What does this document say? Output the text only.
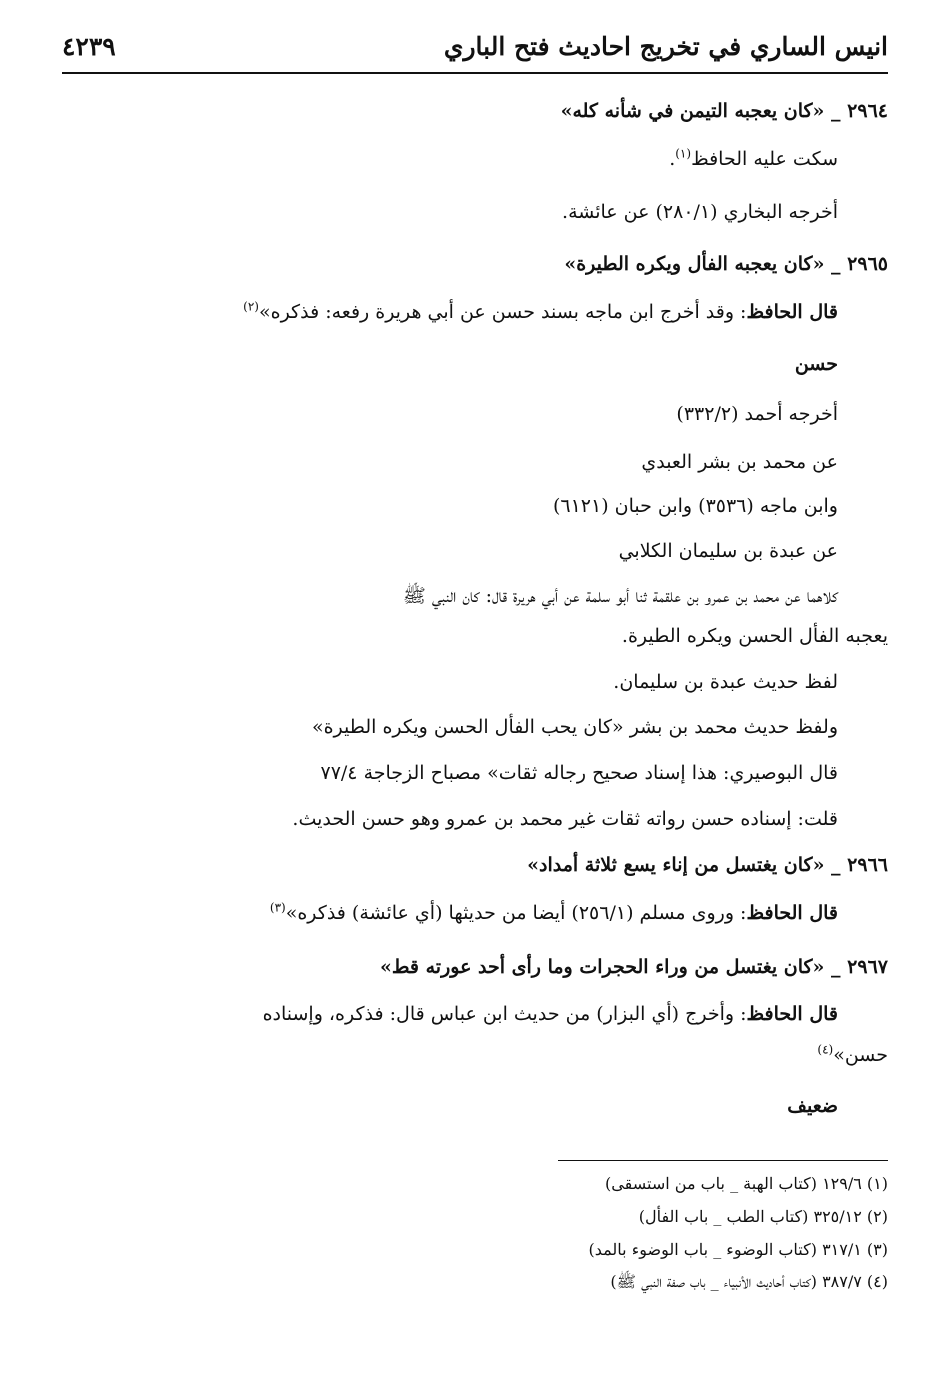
انيس الساري في تخريج احاديث فتح الباري
٤٢٣٩
٢٩٦٤ _ «كان يعجبه التيمن في شأنه كله»
سكت عليه الحافظ$^{(١)}$.
أخرجه البخاري (٢٨٠/١) عن عائشة.
٢٩٦٥ _ «كان يعجبه الفأل ويكره الطيرة»
قال الحافظ: وقد أخرج ابن ماجه بسند حسن عن أبي هريرة رفعه: فذكره»$^{(٢)}$
حسن
أخرجه أحمد (٣٣٢/٢)
عن محمد بن بشر العبدي
وابن ماجه (٣٥٣٦) وابن حبان (٦١٢١)
عن عبدة بن سليمان الكلابي
كلاهما عن محمد بن عمرو بن علقمة ثنا أبو سلمة عن أبي هريرة قال: كان النبي ﷺ
يعجبه الفأل الحسن ويكره الطيرة.
لفظ حديث عبدة بن سليمان.
ولفظ حديث محمد بن بشر «كان يحب الفأل الحسن ويكره الطيرة»
قال البوصيري: هذا إسناد صحيح رجاله ثقات» مصباح الزجاجة ٧٧/٤
قلت: إسناده حسن رواته ثقات غير محمد بن عمرو وهو حسن الحديث.
٢٩٦٦ _ «كان يغتسل من إناء يسع ثلاثة أمداد»
قال الحافظ: وروى مسلم (٢٥٦/١) أيضا من حديثها (أي عائشة) فذكره»$^{(٣)}$
٢٩٦٧ _ «كان يغتسل من وراء الحجرات وما رأى أحد عورته قط»
قال الحافظ: وأخرج (أي البزار) من حديث ابن عباس قال: فذكره، وإسناده
حسن»$^{(٤)}$
ضعيف
(١) ١٢٩/٦ (كتاب الهبة _ باب من استسقى)
(٢) ٣٢٥/١٢ (كتاب الطب _ باب الفأل)
(٣) ٣١٧/١ (كتاب الوضوء _ باب الوضوء بالمد)
(٤) ٣٨٧/٧ (كتاب أحاديث الأنبياء _ باب صفة النبي ﷺ)
